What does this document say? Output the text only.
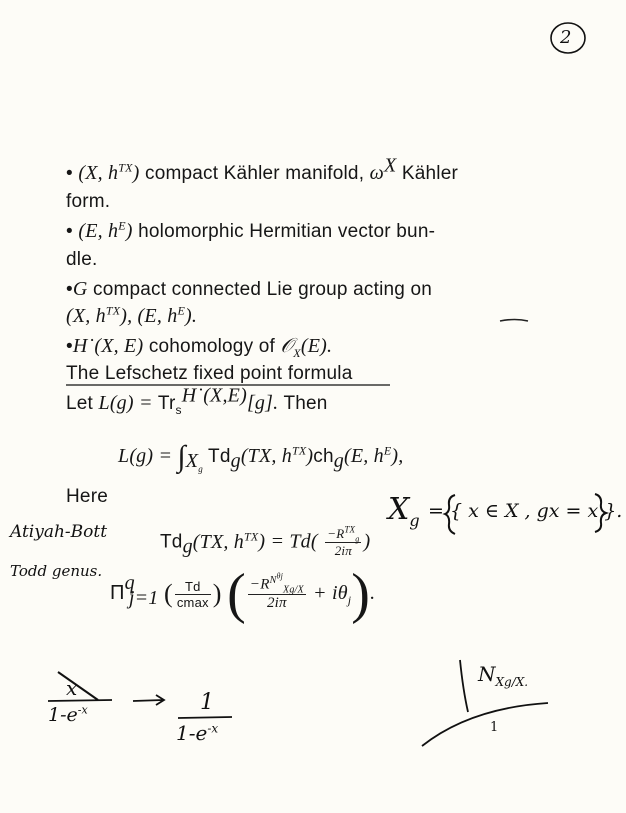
2
• (X, $h^{TX}$) compact Kähler manifold, $\omega^X$ Kähler
form.
• (E, $h^E$) holomorphic Hermitian vector bun-
dle.
•G compact connected Lie group acting on
(X, $h^{TX}$), (E, $h^E$).
•H˙(X, E) cohomology of 𝒪$_X$(E).
The Lefschetz fixed point formula
Let $L(g) = Tr_s^{H˙(X,E)}[g]$. Then
$L(g) = \int_{X_g}$ $Td_g(TX$, $h^{TX})ch_g(E$, $h^E$),
Here	$X_g$ = { x ∈ X , gx = x }.
Atiyah-Bott
Todd genus.
$Td_g(TX$, $h^{TX}) = Td( \frac{-R^{TX}_g}{2i\pi}$ )
$\Pi^q_{j=1}$ ( $\frac{Td}{cmax}$ ) ( $\frac{-R^{N^{\theta j}}_{Xg/X}}{2i\pi} + i\theta_j$).
$N_{Xg/X.}$
1
x
$1-e^{-x}$	1
$1-e^{-x}$
